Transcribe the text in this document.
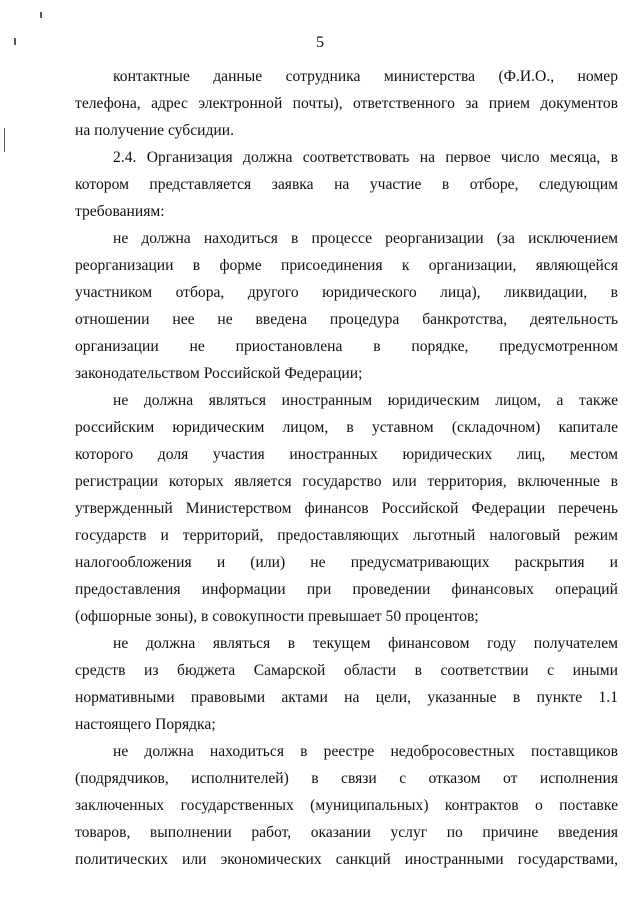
5
контактные данные сотрудника министерства (Ф.И.О., номер
телефона, адрес электронной почты), ответственного за прием документов
на получение субсидии.
2.4. Организация должна соответствовать на первое число месяца, в
котором представляется заявка на участие в отборе, следующим
требованиям:
не должна находиться в процессе реорганизации (за исключением
реорганизации в форме присоединения к организации, являющейся
участником отбора, другого юридического лица), ликвидации, в
отношении нее не введена процедура банкротства, деятельность
организации не приостановлена в порядке, предусмотренном
законодательством Российской Федерации;
не должна являться иностранным юридическим лицом, а также
российским юридическим лицом, в уставном (складочном) капитале
которого доля участия иностранных юридических лиц, местом
регистрации которых является государство или территория, включенные в
утвержденный Министерством финансов Российской Федерации перечень
государств и территорий, предоставляющих льготный налоговый режим
налогообложения и (или) не предусматривающих раскрытия и
предоставления информации при проведении финансовых операций
(офшорные зоны), в совокупности превышает 50 процентов;
не должна являться в текущем финансовом году получателем
средств из бюджета Самарской области в соответствии с иными
нормативными правовыми актами на цели, указанные в пункте 1.1
настоящего Порядка;
не должна находиться в реестре недобросовестных поставщиков
(подрядчиков, исполнителей) в связи с отказом от исполнения
заключенных государственных (муниципальных) контрактов о поставке
товаров, выполнении работ, оказании услуг по причине введения
политических или экономических санкций иностранными государствами,
